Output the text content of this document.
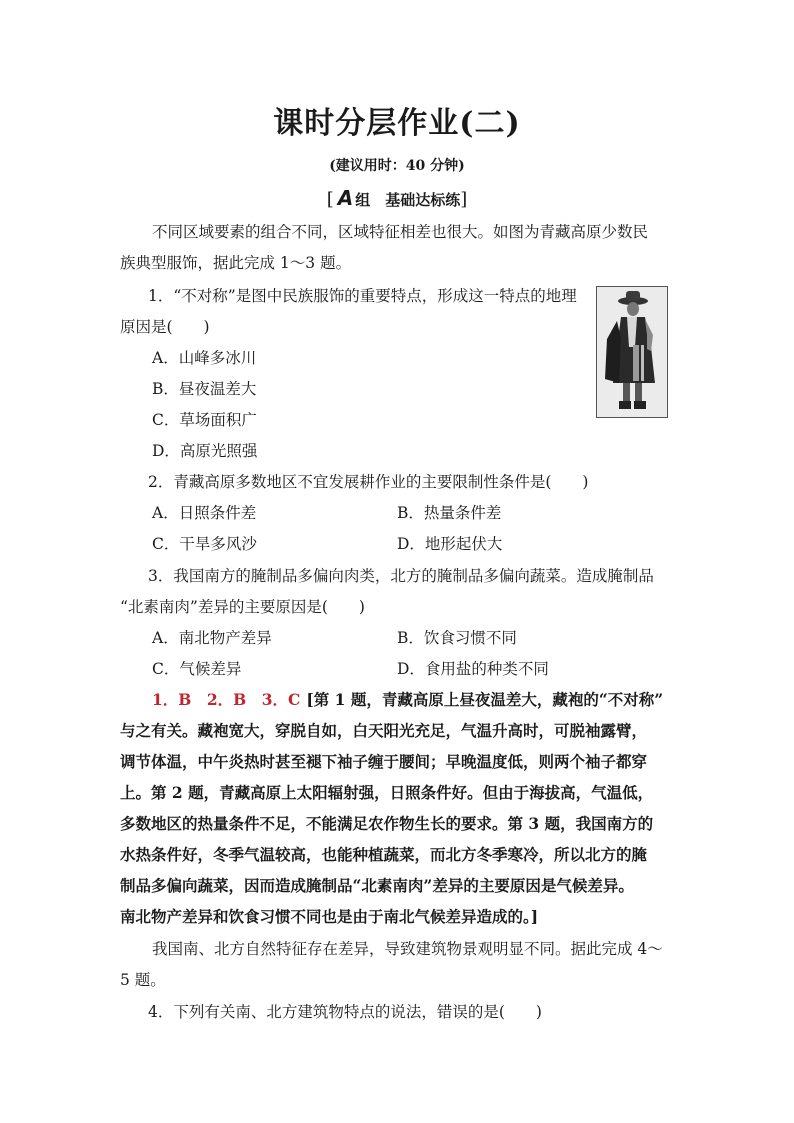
课时分层作业(二)
(建议用时：40 分钟)
[ A 组　基础达标练]
不同区域要素的组合不同，区域特征相差也很大。如图为青藏高原少数民
族典型服饰，据此完成 1～3 题。
1．“不对称”是图中民族服饰的重要特点，形成这一特点的地理
原因是(　　)
A．山峰多冰川
B．昼夜温差大
C．草场面积广
D．高原光照强
2．青藏高原多数地区不宜发展耕作业的主要限制性条件是(　　)
A．日照条件差	B．热量条件差
C．干旱多风沙	D．地形起伏大
3．我国南方的腌制品多偏向肉类，北方的腌制品多偏向蔬菜。造成腌制品
“北素南肉”差异的主要原因是(　　)
A．南北物产差异	B．饮食习惯不同
C．气候差异	D．食用盐的种类不同
1．B　2．B　3．C [第 1 题，青藏高原上昼夜温差大，藏袍的“不对称”
与之有关。藏袍宽大，穿脱自如，白天阳光充足，气温升高时，可脱袖露臂，
调节体温，中午炎热时甚至褪下袖子缠于腰间；早晚温度低，则两个袖子都穿
上。第 2 题，青藏高原上太阳辐射强，日照条件好。但由于海拔高，气温低，
多数地区的热量条件不足，不能满足农作物生长的要求。第 3 题，我国南方的
水热条件好，冬季气温较高，也能种植蔬菜，而北方冬季寒冷，所以北方的腌
制品多偏向蔬菜，因而造成腌制品“北素南肉”差异的主要原因是气候差异。
南北物产差异和饮食习惯不同也是由于南北气候差异造成的。]
我国南、北方自然特征存在差异，导致建筑物景观明显不同。据此完成 4～
5 题。
4．下列有关南、北方建筑物特点的说法，错误的是(　　)
